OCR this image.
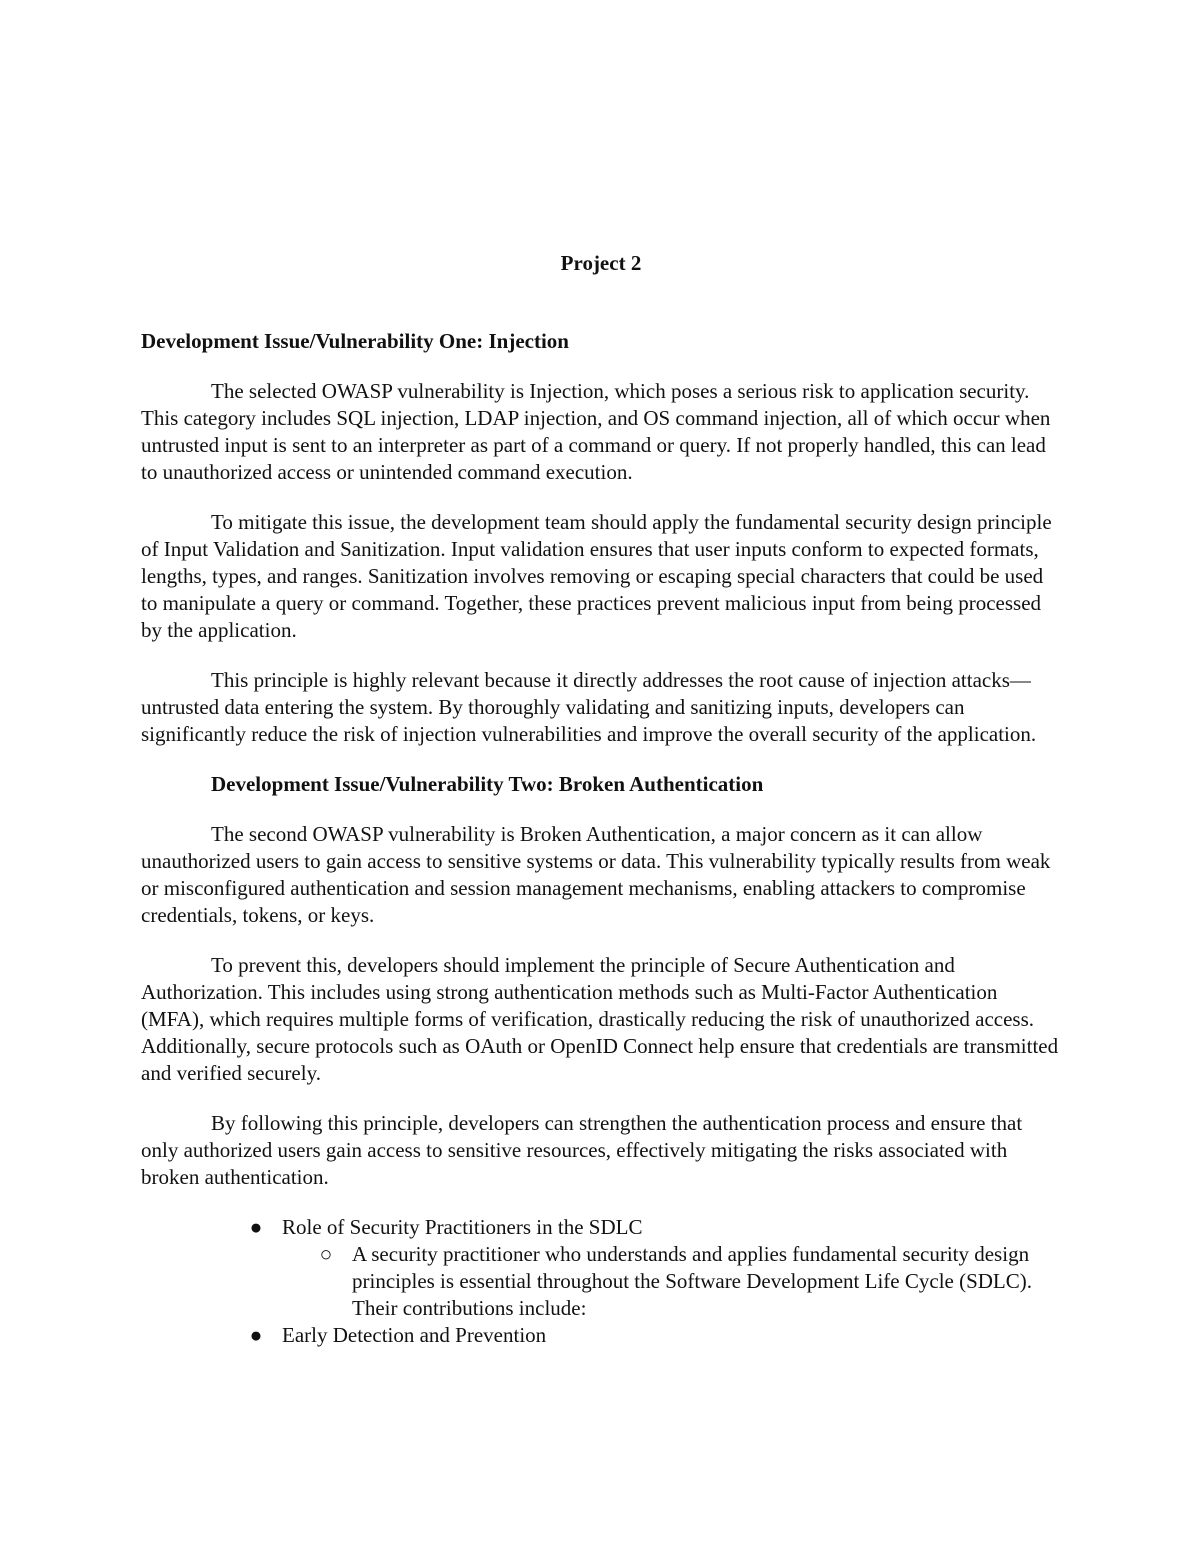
Project 2

Development Issue/Vulnerability One: Injection

The selected OWASP vulnerability is Injection, which poses a serious risk to application security. This category includes SQL injection, LDAP injection, and OS command injection, all of which occur when untrusted input is sent to an interpreter as part of a command or query. If not properly handled, this can lead to unauthorized access or unintended command execution.

To mitigate this issue, the development team should apply the fundamental security design principle of Input Validation and Sanitization. Input validation ensures that user inputs conform to expected formats, lengths, types, and ranges. Sanitization involves removing or escaping special characters that could be used to manipulate a query or command. Together, these practices prevent malicious input from being processed by the application.

This principle is highly relevant because it directly addresses the root cause of injection attacks—untrusted data entering the system. By thoroughly validating and sanitizing inputs, developers can significantly reduce the risk of injection vulnerabilities and improve the overall security of the application.

Development Issue/Vulnerability Two: Broken Authentication

The second OWASP vulnerability is Broken Authentication, a major concern as it can allow unauthorized users to gain access to sensitive systems or data. This vulnerability typically results from weak or misconfigured authentication and session management mechanisms, enabling attackers to compromise credentials, tokens, or keys.

To prevent this, developers should implement the principle of Secure Authentication and Authorization. This includes using strong authentication methods such as Multi-Factor Authentication (MFA), which requires multiple forms of verification, drastically reducing the risk of unauthorized access. Additionally, secure protocols such as OAuth or OpenID Connect help ensure that credentials are transmitted and verified securely.

By following this principle, developers can strengthen the authentication process and ensure that only authorized users gain access to sensitive resources, effectively mitigating the risks associated with broken authentication.

● Role of Security Practitioners in the SDLC
○ A security practitioner who understands and applies fundamental security design principles is essential throughout the Software Development Life Cycle (SDLC). Their contributions include:
● Early Detection and Prevention
